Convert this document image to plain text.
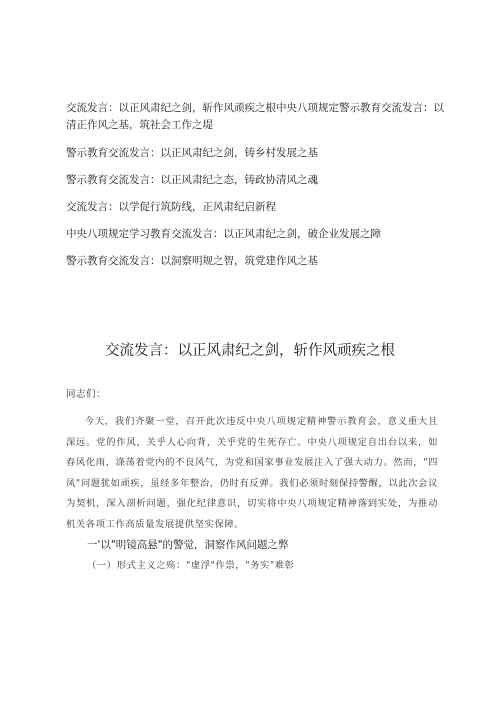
交流发言：以正风肃纪之剑，斩作风顽疾之根中央八项规定警示教育交流发言：以清正作风之基，筑社会工作之堤
警示教育交流发言：以正风肃纪之剑，铸乡村发展之基
警示教育交流发言：以正风肃纪之态，铸政协清风之魂
交流发言：以学促行筑防线，正风肃纪启新程
中央八项规定学习教育交流发言：以正风肃纪之剑，破企业发展之障
警示教育交流发言：以洞察明规之智，筑党建作风之基
交流发言：以正风肃纪之剑，斩作风顽疾之根

同志们：

今天，我们齐聚一堂，召开此次违反中央八项规定精神警示教育会，意义重大且深远。党的作风，关乎人心向背，关乎党的生死存亡。中央八项规定自出台以来，如春风化雨，涤荡着党内的不良风气，为党和国家事业发展注入了强大动力。然而，"四风"问题犹如顽疾，虽经多年整治，仍时有反弹。我们必须时刻保持警醒，以此次会议为契机，深入剖析问题，强化纪律意识，切实将中央八项规定精神落到实处，为推动机关各项工作高质量发展提供坚实保障。

一'以"明镜高悬"的警觉，洞察作风问题之弊
（一）形式主义之殇："虚浮"作祟，"务实"难彰
